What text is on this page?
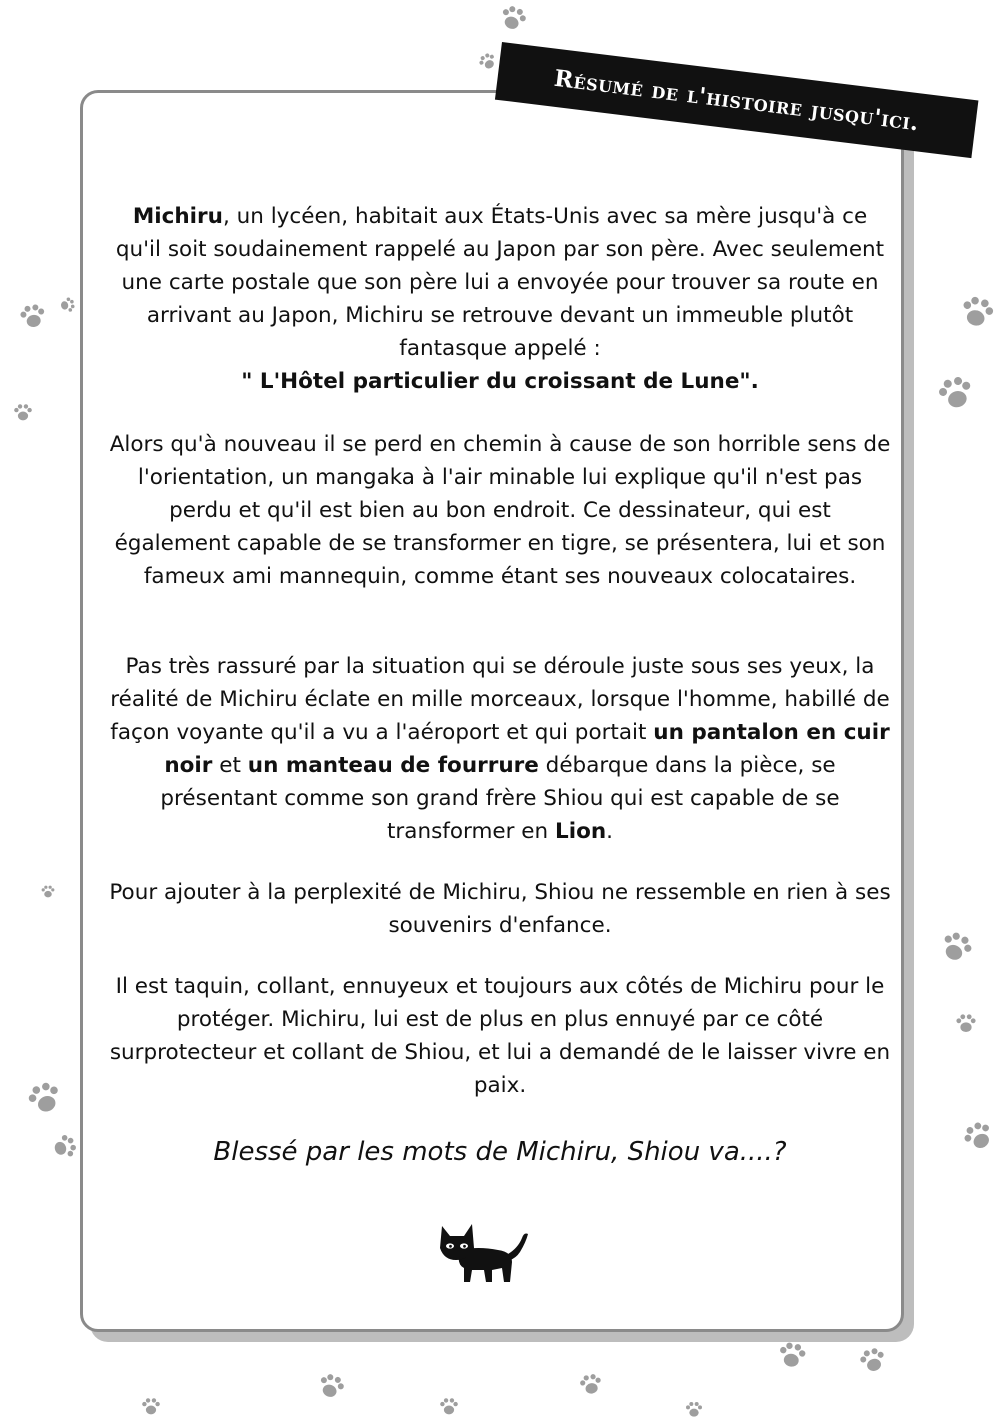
Résumé de l'histoire jusqu'ici.

Michiru, un lycéen, habitait aux États-Unis avec sa mère jusqu'à ce qu'il soit soudainement rappelé au Japon par son père. Avec seulement une carte postale que son père lui a envoyée pour trouver sa route en arrivant au Japon, Michiru se retrouve devant un immeuble plutôt fantasque appelé :

" L'Hôtel particulier du croissant de Lune".

Alors qu'à nouveau il se perd en chemin à cause de son horrible sens de l'orientation, un mangaka à l'air minable lui explique qu'il n'est pas perdu et qu'il est bien au bon endroit. Ce dessinateur, qui est également capable de se transformer en tigre, se présentera, lui et son fameux ami mannequin, comme étant ses nouveaux colocataires.

Pas très rassuré par la situation qui se déroule juste sous ses yeux, la réalité de Michiru éclate en mille morceaux, lorsque l'homme, habillé de façon voyante qu'il a vu a l'aéroport et qui portait un pantalon en cuir noir et un manteau de fourrure débarque dans la pièce, se présentant comme son grand frère Shiou qui est capable de se transformer en Lion.

Pour ajouter à la perplexité de Michiru, Shiou ne ressemble en rien à ses souvenirs d'enfance.

Il est taquin, collant, ennuyeux et toujours aux côtés de Michiru pour le protéger. Michiru, lui est de plus en plus ennuyé par ce côté surprotecteur et collant de Shiou, et lui a demandé de le laisser vivre en paix.

Blessé par les mots de Michiru, Shiou va....?
